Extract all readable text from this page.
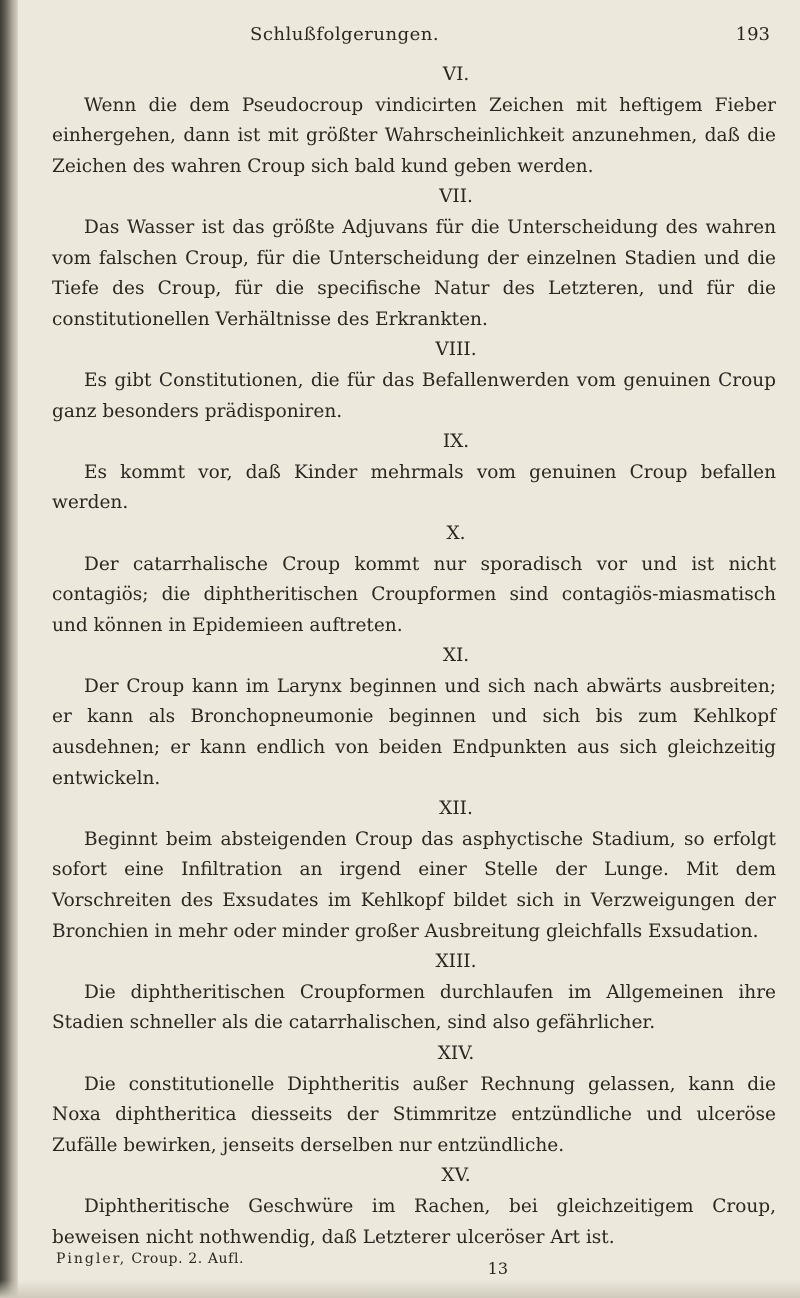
Schlußfolgerungen.	193
VI.

Wenn die dem Pseudocroup vindicirten Zeichen mit heftigem Fieber einhergehen, dann ist mit größter Wahrscheinlichkeit anzunehmen, daß die Zeichen des wahren Croup sich bald kund geben werden.

VII.

Das Wasser ist das größte Adjuvans für die Unterscheidung des wahren vom falschen Croup, für die Unterscheidung der einzelnen Stadien und die Tiefe des Croup, für die specifische Natur des Letzteren, und für die constitutionellen Verhältnisse des Erkrankten.

VIII.

Es gibt Constitutionen, die für das Befallenwerden vom genuinen Croup ganz besonders prädisponiren.

IX.

Es kommt vor, daß Kinder mehrmals vom genuinen Croup befallen werden.

X.

Der catarrhalische Croup kommt nur sporadisch vor und ist nicht contagiös; die diphtheritischen Croupformen sind contagiös-miasmatisch und können in Epidemieen auftreten.

XI.

Der Croup kann im Larynx beginnen und sich nach abwärts ausbreiten; er kann als Bronchopneumonie beginnen und sich bis zum Kehlkopf ausdehnen; er kann endlich von beiden Endpunkten aus sich gleichzeitig entwickeln.

XII.

Beginnt beim absteigenden Croup das asphyctische Stadium, so erfolgt sofort eine Infiltration an irgend einer Stelle der Lunge. Mit dem Vorschreiten des Exsudates im Kehlkopf bildet sich in Verzweigungen der Bronchien in mehr oder minder großer Ausbreitung gleichfalls Exsudation.

XIII.

Die diphtheritischen Croupformen durchlaufen im Allgemeinen ihre Stadien schneller als die catarrhalischen, sind also gefährlicher.

XIV.

Die constitutionelle Diphtheritis außer Rechnung gelassen, kann die Noxa diphtheritica diesseits der Stimmritze entzündliche und ulceröse Zufälle bewirken, jenseits derselben nur entzündliche.

XV.

Diphtheritische Geschwüre im Rachen, bei gleichzeitigem Croup, beweisen nicht nothwendig, daß Letzterer ulceröser Art ist.

Pingler, Croup. 2. Aufl.	13
